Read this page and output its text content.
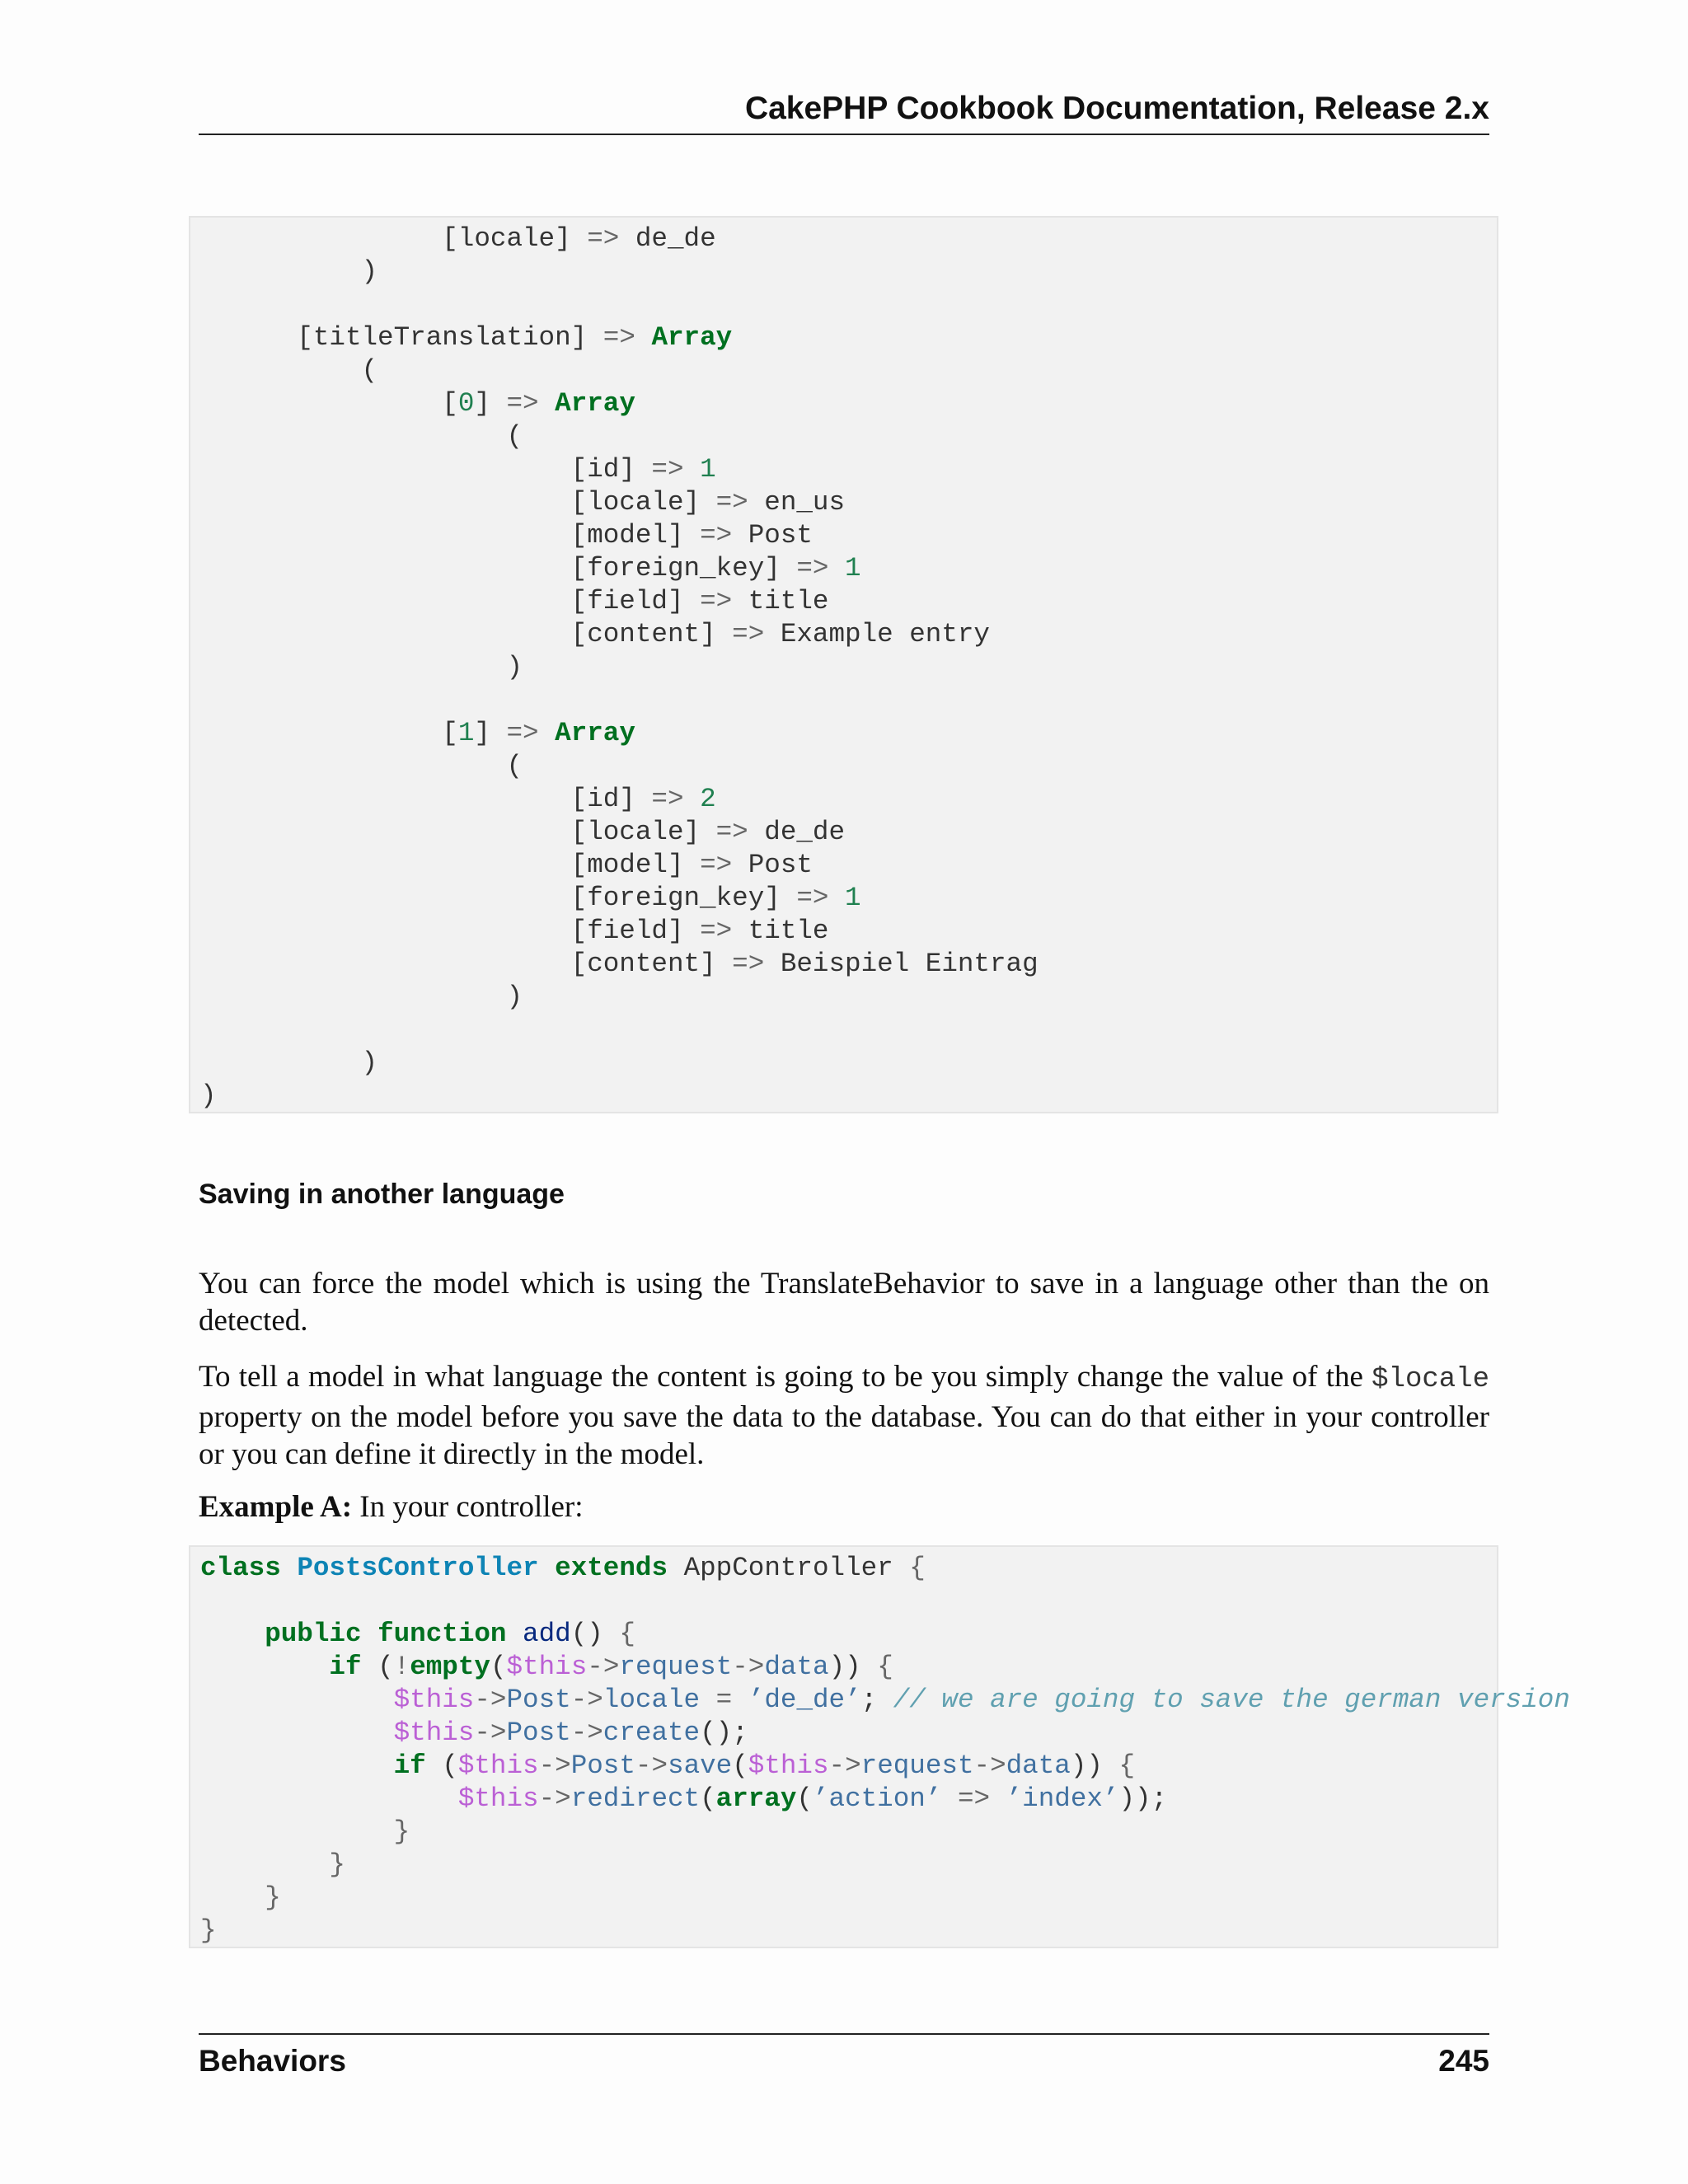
CakePHP Cookbook Documentation, Release 2.x
[locale] => de_de
)
[titleTranslation] => Array
(
[0] => Array
(
[id] => 1
[locale] => en_us
[model] => Post
[foreign_key] => 1
[field] => title
[content] => Example entry
)
[1] => Array
(
[id] => 2
[locale] => de_de
[model] => Post
[foreign_key] => 1
[field] => title
[content] => Beispiel Eintrag
)
)
)
Saving in another language
You can force the model which is using the TranslateBehavior to save in a language other than the on detected.
To tell a model in what language the content is going to be you simply change the value of the $locale property on the model before you save the data to the database. You can do that either in your controller or you can define it directly in the model.
Example A: In your controller:
class PostsController extends AppController {
public function add() {
if (!empty($this->request->data)) {
$this->Post->locale = ’de_de’; // we are going to save the german version
$this->Post->create();
if ($this->Post->save($this->request->data)) {
$this->redirect(array(’action’ => ’index’));
}
}
}
}
Behaviors	245
